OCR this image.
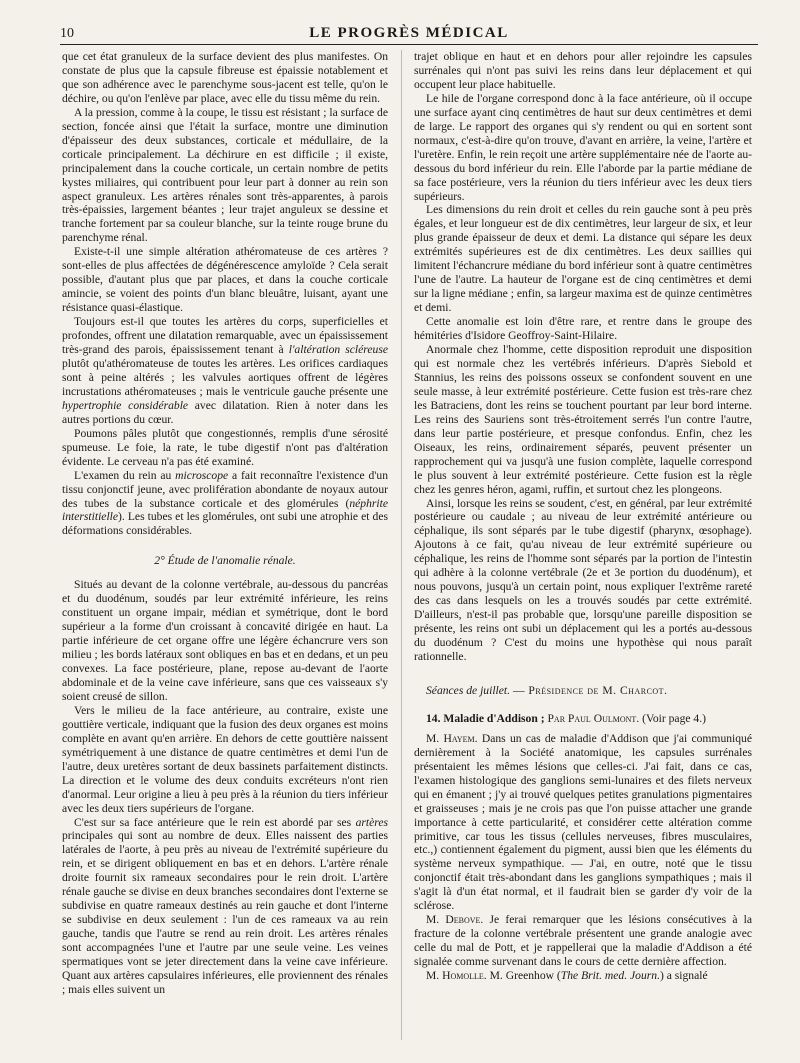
10	LE PROGRÈS MÉDICAL

que cet état granuleux de la surface devient des plus manifestes. On constate de plus que la capsule fibreuse est épaissie notablement et que son adhérence avec le parenchyme sous-jacent est telle, qu'on le déchire, ou qu'on l'enlève par place, avec elle du tissu même du rein.

A la pression, comme à la coupe, le tissu est résistant ; la surface de section, foncée ainsi que l'était la surface, montre une diminution d'épaisseur des deux substances, corticale et médullaire, de la corticale principalement. La déchirure en est difficile ; il existe, principalement dans la couche corticale, un certain nombre de petits kystes miliaires, qui contribuent pour leur part à donner au rein son aspect granuleux. Les artères rénales sont très-apparentes, à parois très-épaissies, largement béantes ; leur trajet anguleux se dessine et tranche fortement par sa couleur blanche, sur la teinte rouge brune du parenchyme rénal.

Existe-t-il une simple altération athéromateuse de ces artères ? sont-elles de plus affectées de dégénérescence amyloïde ? Cela serait possible, d'autant plus que par places, et dans la couche corticale amincie, se voient des points d'un blanc bleuâtre, luisant, ayant une résistance quasi-élastique.

Toujours est-il que toutes les artères du corps, superficielles et profondes, offrent une dilatation remarquable, avec un épaississement très-grand des parois, épaississement tenant à l'altération scléreuse plutôt qu'athéromateuse de toutes les artères. Les orifices cardiaques sont à peine altérés ; les valvules aortiques offrent de légères incrustations athéromateuses ; mais le ventricule gauche présente une hypertrophie considérable avec dilatation. Rien à noter dans les autres portions du cœur.

Poumons pâles plutôt que congestionnés, remplis d'une sérosité spumeuse. Le foie, la rate, le tube digestif n'ont pas d'altération évidente. Le cerveau n'a pas été examiné.

L'examen du rein au microscope a fait reconnaître l'existence d'un tissu conjonctif jeune, avec prolifération abondante de noyaux autour des tubes de la substance corticale et des glomérules (néphrite interstitielle). Les tubes et les glomérules, ont subi une atrophie et des déformations considérables.

2° Étude de l'anomalie rénale.

Situés au devant de la colonne vertébrale, au-dessous du pancréas et du duodénum, soudés par leur extrémité inférieure, les reins constituent un organe impair, médian et symétrique, dont le bord supérieur a la forme d'un croissant à concavité dirigée en haut. La partie inférieure de cet organe offre une légère échancrure vers son milieu ; les bords latéraux sont obliques en bas et en dedans, et un peu convexes. La face postérieure, plane, repose au-devant de l'aorte abdominale et de la veine cave inférieure, sans que ces vaisseaux s'y soient creusé de sillon.

Vers le milieu de la face antérieure, au contraire, existe une gouttière verticale, indiquant que la fusion des deux organes est moins complète en avant qu'en arrière. En dehors de cette gouttière naissent symétriquement à une distance de quatre centimètres et demi l'un de l'autre, deux uretères sortant de deux bassinets parfaitement distincts. La direction et le volume des deux conduits excréteurs n'ont rien d'anormal. Leur origine a lieu à peu près à la réunion du tiers inférieur avec les deux tiers supérieurs de l'organe.

C'est sur sa face antérieure que le rein est abordé par ses artères principales qui sont au nombre de deux. Elles naissent des parties latérales de l'aorte, à peu près au niveau de l'extrémité supérieure du rein, et se dirigent obliquement en bas et en dehors. L'artère rénale droite fournit six rameaux secondaires pour le rein droit. L'artère rénale gauche se divise en deux branches secondaires dont l'externe se subdivise en quatre rameaux destinés au rein gauche et dont l'interne se subdivise en deux seulement : l'un de ces rameaux va au rein gauche, tandis que l'autre se rend au rein droit. Les artères rénales sont accompagnées l'une et l'autre par une seule veine. Les veines spermatiques vont se jeter directement dans la veine cave inférieure. Quant aux artères capsulaires inférieures, elle proviennent des rénales ; mais elles suivent un

trajet oblique en haut et en dehors pour aller rejoindre les capsules surrénales qui n'ont pas suivi les reins dans leur déplacement et qui occupent leur place habituelle.

Le hile de l'organe correspond donc à la face antérieure, où il occupe une surface ayant cinq centimètres de haut sur deux centimètres et demi de large. Le rapport des organes qui s'y rendent ou qui en sortent sont normaux, c'est-à-dire qu'on trouve, d'avant en arrière, la veine, l'artère et l'uretère. Enfin, le rein reçoit une artère supplémentaire née de l'aorte au-dessous du bord inférieur du rein. Elle l'aborde par la partie médiane de sa face postérieure, vers la réunion du tiers inférieur avec les deux tiers supérieurs.

Les dimensions du rein droit et celles du rein gauche sont à peu près égales, et leur longueur est de dix centimètres, leur largeur de six, et leur plus grande épaisseur de deux et demi. La distance qui sépare les deux extrémités supérieures est de dix centimètres. Les deux saillies qui limitent l'échancrure médiane du bord inférieur sont à quatre centimètres l'une de l'autre. La hauteur de l'organe est de cinq centimètres et demi sur la ligne médiane ; enfin, sa largeur maxima est de quinze centimètres et demi.

Cette anomalie est loin d'être rare, et rentre dans le groupe des hémitéries d'Isidore Geoffroy-Saint-Hilaire.

Anormale chez l'homme, cette disposition reproduit une disposition qui est normale chez les vertébrés inférieurs. D'après Siebold et Stannius, les reins des poissons osseux se confondent souvent en une seule masse, à leur extrémité postérieure. Cette fusion est très-rare chez les Batraciens, dont les reins se touchent pourtant par leur bord interne. Les reins des Sauriens sont très-étroitement serrés l'un contre l'autre, dans leur partie postérieure, et presque confondus. Enfin, chez les Oiseaux, les reins, ordinairement séparés, peuvent présenter un rapprochement qui va jusqu'à une fusion complète, laquelle correspond le plus souvent à leur extrémité postérieure. Cette fusion est la règle chez les genres héron, agami, ruffin, et surtout chez les plongeons.

Ainsi, lorsque les reins se soudent, c'est, en général, par leur extrémité postérieure ou caudale ; au niveau de leur extrémité antérieure ou céphalique, ils sont séparés par le tube digestif (pharynx, œsophage). Ajoutons à ce fait, qu'au niveau de leur extrémité supérieure ou céphalique, les reins de l'homme sont séparés par la portion de l'intestin qui adhère à la colonne vertébrale (2e et 3e portion du duodénum), et nous pouvons, jusqu'à un certain point, nous expliquer l'extrême rareté des cas dans lesquels on les a trouvés soudés par cette extrémité. D'ailleurs, n'est-il pas probable que, lorsqu'une pareille disposition se présente, les reins ont subi un déplacement qui les a portés au-dessous du duodénum ? C'est du moins une hypothèse qui nous paraît rationnelle.

Séances de juillet. — Présidence de M. Charcot.

14. Maladie d'Addison ; Par Paul Oulmont. (Voir page 4.)

M. Hayem. Dans un cas de maladie d'Addison que j'ai communiqué dernièrement à la Société anatomique, les capsules surrénales présentaient les mêmes lésions que celles-ci. J'ai fait, dans ce cas, l'examen histologique des ganglions semi-lunaires et des filets nerveux qui en émanent ; j'y ai trouvé quelques petites granulations pigmentaires et graisseuses ; mais je ne crois pas que l'on puisse attacher une grande importance à cette particularité, et considérer cette altération comme primitive, car tous les tissus (cellules nerveuses, fibres musculaires, etc.,) contiennent également du pigment, aussi bien que les éléments du système nerveux sympathique. — J'ai, en outre, noté que le tissu conjonctif était très-abondant dans les ganglions sympathiques ; mais il s'agit là d'un état normal, et il faudrait bien se garder d'y voir de la sclérose.

M. Debove. Je ferai remarquer que les lésions consécutives à la fracture de la colonne vertébrale présentent une grande analogie avec celle du mal de Pott, et je rappellerai que la maladie d'Addison a été signalée comme survenant dans le cours de cette dernière affection.

M. Homolle. M. Greenhow (The Brit. med. Journ.) a signalé
